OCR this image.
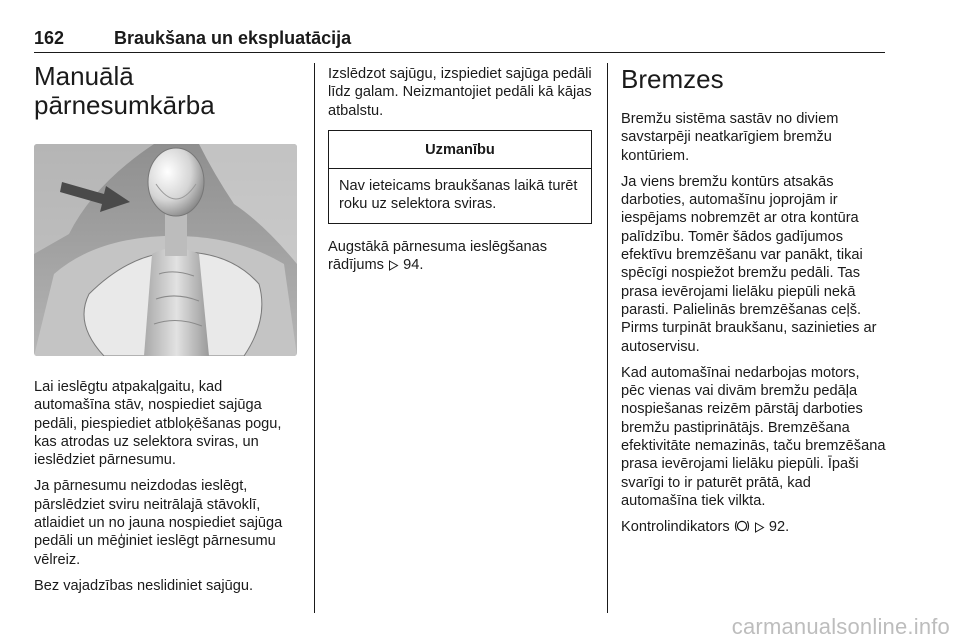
162	Braukšana un ekspluatācija
Manuālā
pārnesumkārba

Lai ieslēgtu atpakaļgaitu, kad automašīna stāv, nospiediet sajūga pedāli, piespiediet atbloķēšanas pogu, kas atrodas uz selektora sviras, un ieslēdziet pārnesumu.

Ja pārnesumu neizdodas ieslēgt, pārslēdziet sviru neitrālajā stāvoklī, atlaidiet un no jauna nospiediet sajūga pedāli un mēģiniet ieslēgt pārnesumu vēlreiz.

Bez vajadzības neslidiniet sajūgu.

Izslēdzot sajūgu, izspiediet sajūga pedāli līdz galam. Neizmantojiet pedāli kā kājas atbalstu.

Uzmanību
Nav ieteicams braukšanas laikā turēt roku uz selektora sviras.

Augstākā pārnesuma ieslēgšanas rādījums 94.

Bremzes

Bremžu sistēma sastāv no diviem savstarpēji neatkarīgiem bremžu kontūriem.

Ja viens bremžu kontūrs atsakās darboties, automašīnu joprojām ir iespējams nobremzēt ar otra kontūra palīdzību. Tomēr šādos gadījumos efektīvu bremzēšanu var panākt, tikai spēcīgi nospiežot bremžu pedāli. Tas prasa ievērojami lielāku piepūli nekā parasti. Palielinās bremzēšanas ceļš. Pirms turpināt braukšanu, sazinieties ar autoservisu.

Kad automašīnai nedarbojas motors, pēc vienas vai divām bremžu pedāļa nospiešanas reizēm pārstāj darboties bremžu pastiprinātājs. Bremzēšana efektivitāte nemazinās, taču bremzēšana prasa ievērojami lielāku piepūli. Īpaši svarīgi to ir paturēt prātā, kad automašīna tiek vilkta.

Kontrolindikators	92.

carmanualsonline.info
